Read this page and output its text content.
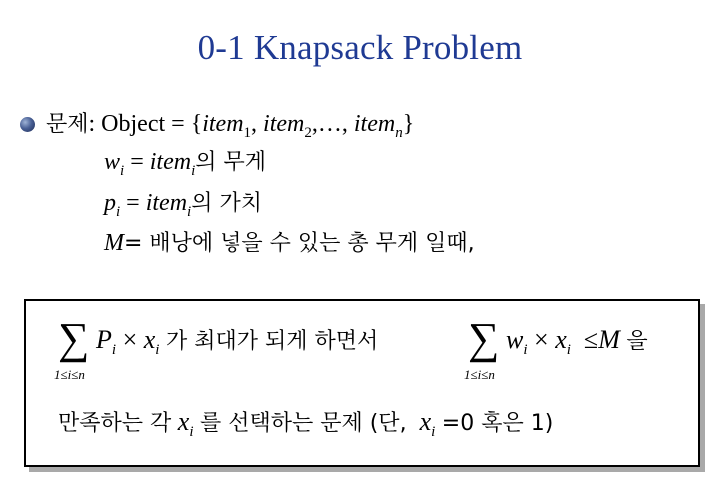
0-1 Knapsack Problem
문제: Object = {item$_1$, item$_2$,…, item$_n$}
$w_i$ = item$_i$의 무게
$p_i$ = item$_i$의 가치
M= 배낭에 넣을 수 있는 총 무게 일때,
∑
1≤i≤n
$P_i \times x_i$ 가 최대가 되게 하면서 ∑
1≤i≤n
$w_i \times x_i \le M$ 을
만족하는 각 $x_i$ 를 선택하는 문제 (단, $x_i =0$ 혹은 1)
